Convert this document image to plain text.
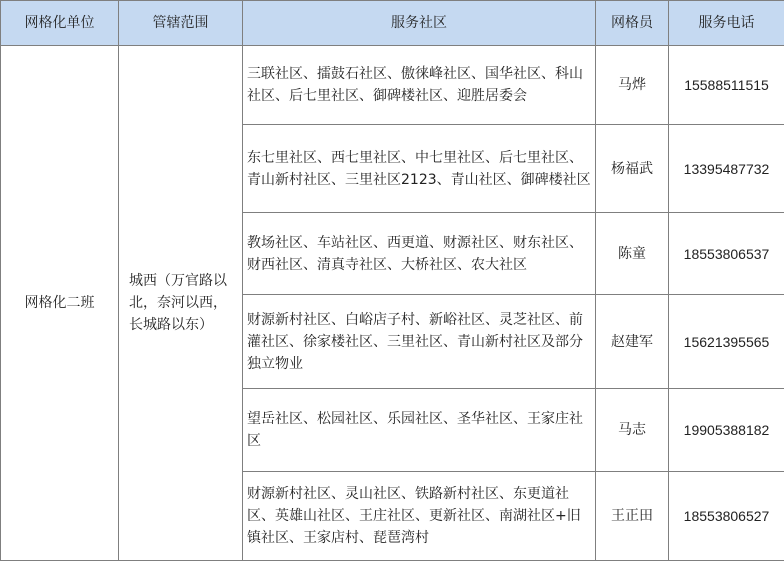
网格化单位	管辖范围	服务社区	网格员	服务电话
网格化二班	城西（万官路以北，奈河以西，长城路以东）	三联社区、擂鼓石社区、傲徕峰社区、国华社区、科山社区、后七里社区、御碑楼社区、迎胜居委会	马烨	15588511515
		东七里社区、西七里社区、中七里社区、后七里社区、青山新村社区、三里社区2123、青山社区、御碑楼社区	杨福武	13395487732
		教场社区、车站社区、西更道、财源社区、财东社区、财西社区、清真寺社区、大桥社区、农大社区	陈童	18553806537
		财源新村社区、白峪店子村、新峪社区、灵芝社区、前灌社区、徐家楼社区、三里社区、青山新村社区及部分独立物业	赵建军	15621395565
		望岳社区、松园社区、乐园社区、圣华社区、王家庄社区	马志	19905388182
		财源新村社区、灵山社区、铁路新村社区、东更道社区、英雄山社区、王庄社区、更新社区、南湖社区+旧镇社区、王家店村、琵琶湾村	王正田	18553806527
